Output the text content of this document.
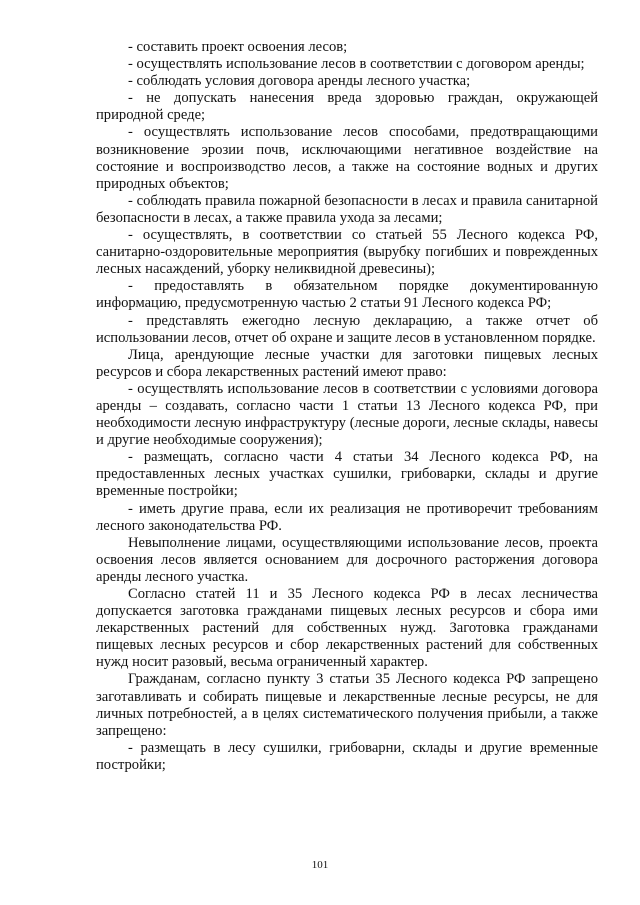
- составить проект освоения лесов;

- осуществлять использование лесов в соответствии с договором аренды;

- соблюдать условия договора аренды лесного участка;

- не допускать нанесения вреда здоровью граждан, окружающей природной среде;

- осуществлять использование лесов способами, предотвращающими возникновение эрозии почв, исключающими негативное воздействие на состояние и воспроизводство лесов, а также на состояние водных и других природных объектов;

- соблюдать правила пожарной безопасности в лесах и правила санитарной безопасности в лесах, а также правила ухода за лесами;

- осуществлять, в соответствии со статьей 55 Лесного кодекса РФ, санитарно-оздоровительные мероприятия (вырубку погибших и поврежденных лесных насаждений, уборку неликвидной древесины);

- предоставлять в обязательном порядке документированную информацию, предусмотренную частью 2 статьи 91 Лесного кодекса РФ;

- представлять ежегодно лесную декларацию, а также отчет об использовании лесов, отчет об охране и защите лесов в установленном порядке.

Лица, арендующие лесные участки для заготовки пищевых лесных ресурсов и сбора лекарственных растений имеют право:

- осуществлять использование лесов в соответствии с условиями договора аренды – создавать, согласно части 1 статьи 13 Лесного кодекса РФ, при необходимости лесную инфраструктуру (лесные дороги, лесные склады, навесы и другие необходимые сооружения);

- размещать, согласно части 4 статьи 34 Лесного кодекса РФ, на предоставленных лесных участках сушилки, грибоварки, склады и другие временные постройки;

- иметь другие права, если их реализация не противоречит требованиям лесного законодательства РФ.

Невыполнение лицами, осуществляющими использование лесов, проекта освоения лесов является основанием для досрочного расторжения договора аренды лесного участка.

Согласно статей 11 и 35 Лесного кодекса РФ в лесах лесничества допускается заготовка гражданами пищевых лесных ресурсов и сбора ими лекарственных растений для собственных нужд. Заготовка гражданами пищевых лесных ресурсов и сбор лекарственных растений для собственных нужд носит разовый, весьма ограниченный характер.

Гражданам, согласно пункту 3 статьи 35 Лесного кодекса РФ запрещено заготавливать и собирать пищевые и лекарственные лесные ресурсы, не для личных потребностей, а в целях систематического получения прибыли, а также запрещено:

- размещать в лесу сушилки, грибоварни, склады и другие временные постройки;

101
